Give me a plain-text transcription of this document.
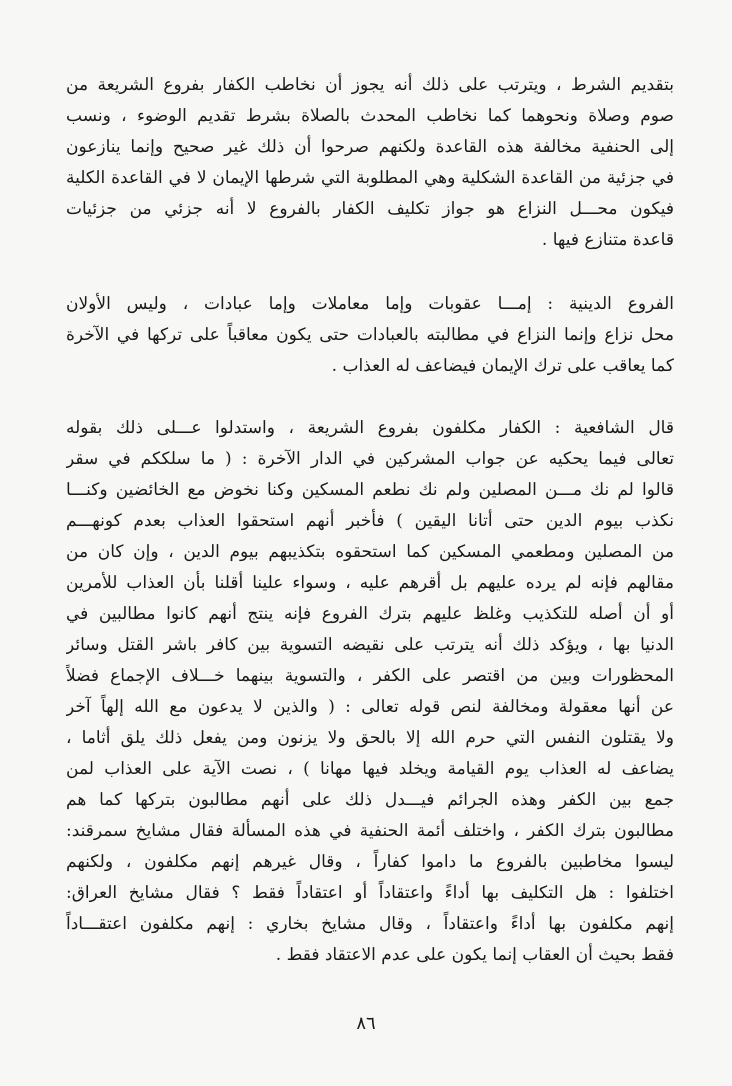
بتقديم الشرط ، ويترتب على ذلك أنه يجوز أن نخاطب الكفار بفروع الشريعة من
صوم وصلاة ونحوهما كما نخاطب المحدث بالصلاة بشرط تقديم الوضوء ، ونسب
إلى الحنفية مخالفة هذه القاعدة ولكنهم صرحوا أن ذلك غير صحيح وإنما ينازعون
في جزئية من القاعدة الشكلية وهي المطلوبة التي شرطها الإيمان لا في القاعدة الكلية
فيكون محـــل النزاع هو جواز تكليف الكفار بالفروع لا أنه جزئي من جزئيات
قاعدة متنازع فيها .
الفروع الدينية : إمـــا عقوبات وإما معاملات وإما عبادات ، وليس الأولان
محل نزاع وإنما النزاع في مطالبته بالعبادات حتى يكون معاقباً على تركها في الآخرة
كما يعاقب على ترك الإيمان فيضاعف له العذاب .
قال الشافعية : الكفار مكلفون بفروع الشريعة ، واستدلوا عـــلى ذلك بقوله
تعالى فيما يحكيه عن جواب المشركين في الدار الآخرة : ( ما سلككم في سقر
قالوا لم نك مـــن المصلين ولم نك نطعم المسكين وكنا نخوض مع الخائضين وكنـــا
نكذب بيوم الدين حتى أتانا اليقين ) فأخبر أنهم استحقوا العذاب بعدم كونهـــم
من المصلين ومطعمي المسكين كما استحقوه بتكذيبهم بيوم الدين ، وإن كان من
مقالهم فإنه لم يرده عليهم بل أقرهم عليه ، وسواء علينا أقلنا بأن العذاب للأمرين
أو أن أصله للتكذيب وغلظ عليهم بترك الفروع فإنه ينتج أنهم كانوا مطالبين في
الدنيا بها ، ويؤكد ذلك أنه يترتب على نقيضه التسوية بين كافر باشر القتل وسائر
المحظورات وبين من اقتصر على الكفر ، والتسوية بينهما خـــلاف الإجماع فضلاً
عن أنها معقولة ومخالفة لنص قوله تعالى : ( والذين لا يدعون مع الله إلهاً آخر
ولا يقتلون النفس التي حرم الله إلا بالحق ولا يزنون ومن يفعل ذلك يلق أثاما ،
يضاعف له العذاب يوم القيامة ويخلد فيها مهانا ) ، نصت الآية على العذاب لمن
جمع بين الكفر وهذه الجرائم فيـــدل ذلك على أنهم مطالبون بتركها كما هم
مطالبون بترك الكفر ، واختلف أئمة الحنفية في هذه المسألة فقال مشايخ سمرقند:
ليسوا مخاطبين بالفروع ما داموا كفاراً ، وقال غيرهم إنهم مكلفون ، ولكنهم
اختلفوا : هل التكليف بها أداءً واعتقاداً أو اعتقاداً فقط ؟ فقال مشايخ العراق:
إنهم مكلفون بها أداءً واعتقاداً ، وقال مشايخ بخاري : إنهم مكلفون اعتقـــاداً
فقط بحيث أن العقاب إنما يكون على عدم الاعتقاد فقط .
٨٦
